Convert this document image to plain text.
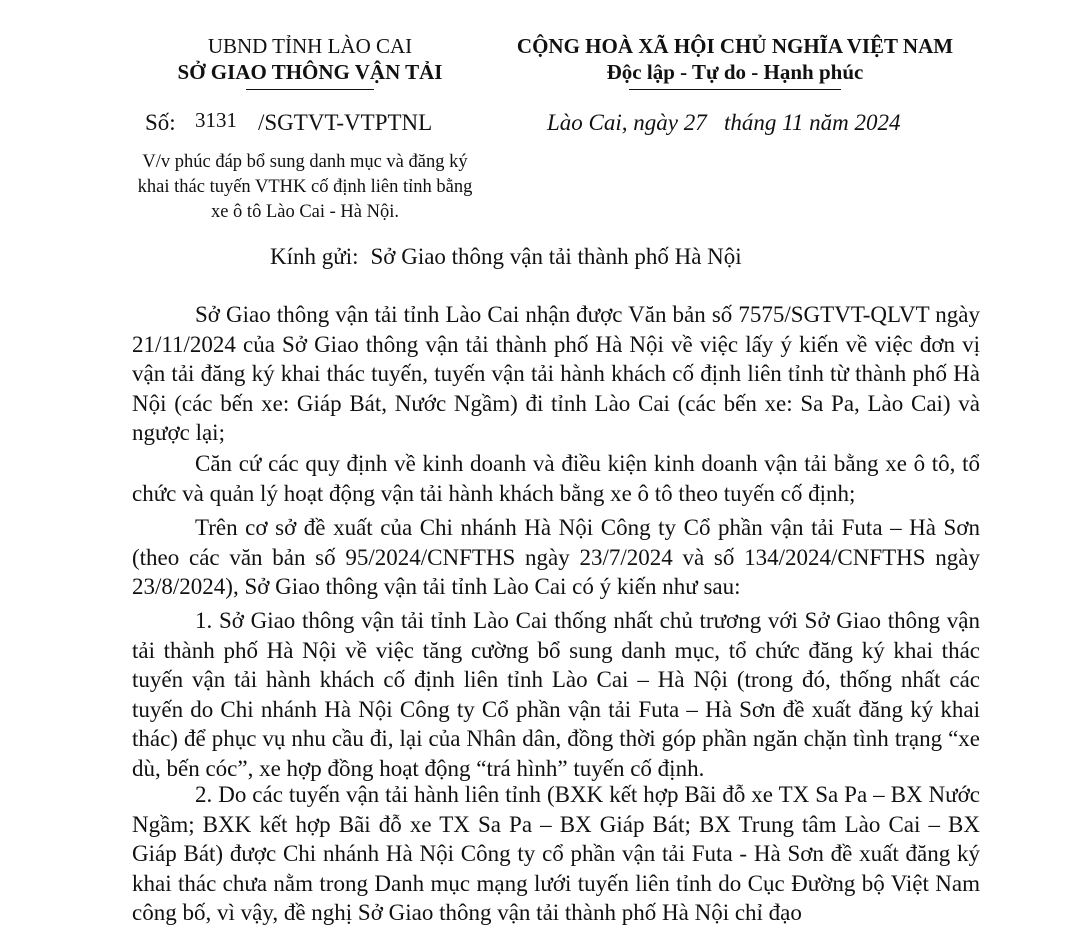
UBND TỈNH LÀO CAI
SỞ GIAO THÔNG VẬN TẢI
CỘNG HOÀ XÃ HỘI CHỦ NGHĨA VIỆT NAM
Độc lập - Tự do - Hạnh phúc
Số: 3131 /SGTVT-VTPTNL	Lào Cai, ngày 27   tháng 11 năm 2024
V/v phúc đáp bổ sung danh mục và đăng ký khai thác tuyến VTHK cố định liên tỉnh bằng xe ô tô Lào Cai - Hà Nội.
Kính gửi: Sở Giao thông vận tải thành phố Hà Nội

Sở Giao thông vận tải tỉnh Lào Cai nhận được Văn bản số 7575/SGTVT-QLVT ngày 21/11/2024 của Sở Giao thông vận tải thành phố Hà Nội về việc lấy ý kiến về việc đơn vị vận tải đăng ký khai thác tuyến, tuyến vận tải hành khách cố định liên tỉnh từ thành phố Hà Nội (các bến xe: Giáp Bát, Nước Ngầm) đi tỉnh Lào Cai (các bến xe: Sa Pa, Lào Cai) và ngược lại;

Căn cứ các quy định về kinh doanh và điều kiện kinh doanh vận tải bằng xe ô tô, tổ chức và quản lý hoạt động vận tải hành khách bằng xe ô tô theo tuyến cố định;

Trên cơ sở đề xuất của Chi nhánh Hà Nội Công ty Cổ phần vận tải Futa – Hà Sơn (theo các văn bản số 95/2024/CNFTHS ngày 23/7/2024 và số 134/2024/CNFTHS ngày 23/8/2024), Sở Giao thông vận tải tỉnh Lào Cai có ý kiến như sau:

1. Sở Giao thông vận tải tỉnh Lào Cai thống nhất chủ trương với Sở Giao thông vận tải thành phố Hà Nội về việc tăng cường bổ sung danh mục, tổ chức đăng ký khai thác tuyến vận tải hành khách cố định liên tỉnh Lào Cai – Hà Nội (trong đó, thống nhất các tuyến do Chi nhánh Hà Nội Công ty Cổ phần vận tải Futa – Hà Sơn đề xuất đăng ký khai thác) để phục vụ nhu cầu đi, lại của Nhân dân, đồng thời góp phần ngăn chặn tình trạng “xe dù, bến cóc”, xe hợp đồng hoạt động “trá hình” tuyến cố định.

2. Do các tuyến vận tải hành liên tỉnh (BXK kết hợp Bãi đỗ xe TX Sa Pa – BX Nước Ngầm; BXK kết hợp Bãi đỗ xe TX Sa Pa – BX Giáp Bát; BX Trung tâm Lào Cai – BX Giáp Bát) được Chi nhánh Hà Nội Công ty cổ phần vận tải Futa - Hà Sơn đề xuất đăng ký khai thác chưa nằm trong Danh mục mạng lưới tuyến liên tỉnh do Cục Đường bộ Việt Nam công bố, vì vậy, đề nghị Sở Giao thông vận tải thành phố Hà Nội chỉ đạo
